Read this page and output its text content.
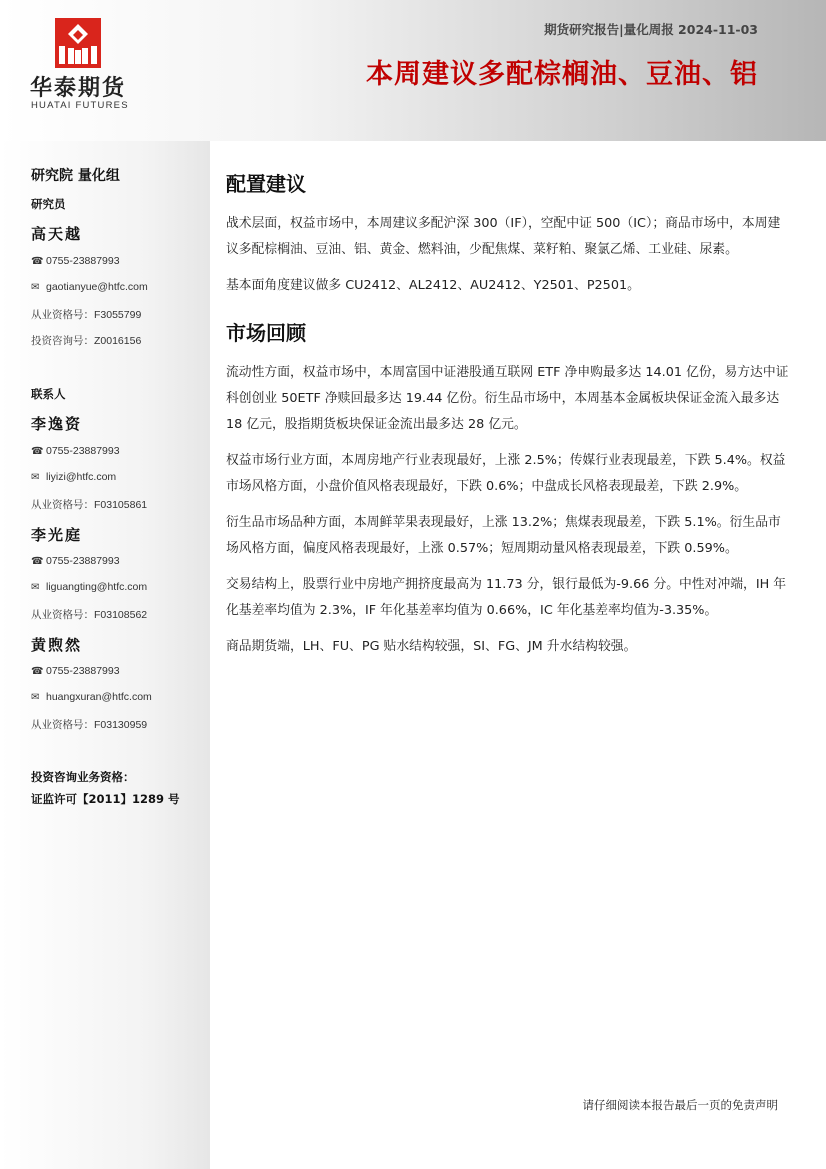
华泰期货
HUATAI FUTURES
期货研究报告|量化周报 2024-11-03
本周建议多配棕榈油、豆油、铝
研究院 量化组
研究员
高天越
☎ 0755-23887993
✉ gaotianyue@htfc.com
从业资格号：F3055799
投资咨询号：Z0016156
联系人
李逸资
☎ 0755-23887993
✉ liyizi@htfc.com
从业资格号：F03105861
李光庭
☎ 0755-23887993
✉ liguangting@htfc.com
从业资格号：F03108562
黄煦然
☎ 0755-23887993
✉ huangxuran@htfc.com
从业资格号：F03130959
投资咨询业务资格：
证监许可【2011】1289 号
配置建议

战术层面，权益市场中，本周建议多配沪深 300（IF），空配中证 500（IC）；商品市场中，本周建议多配棕榈油、豆油、铝、黄金、燃料油，少配焦煤、菜籽粕、聚氯乙烯、工业硅、尿素。

基本面角度建议做多 CU2412、AL2412、AU2412、Y2501、P2501。

市场回顾

流动性方面，权益市场中，本周富国中证港股通互联网 ETF 净申购最多达 14.01 亿份，易方达中证科创创业 50ETF 净赎回最多达 19.44 亿份。衍生品市场中，本周基本金属板块保证金流入最多达 18 亿元，股指期货板块保证金流出最多达 28 亿元。

权益市场行业方面，本周房地产行业表现最好，上涨 2.5%；传媒行业表现最差，下跌 5.4%。权益市场风格方面，小盘价值风格表现最好，下跌 0.6%；中盘成长风格表现最差，下跌 2.9%。

衍生品市场品种方面，本周鲜苹果表现最好，上涨 13.2%；焦煤表现最差，下跌 5.1%。衍生品市场风格方面，偏度风格表现最好，上涨 0.57%；短周期动量风格表现最差，下跌 0.59%。

交易结构上，股票行业中房地产拥挤度最高为 11.73 分，银行最低为-9.66 分。中性对冲端，IH 年化基差率均值为 2.3%，IF 年化基差率均值为 0.66%，IC 年化基差率均值为-3.35%。

商品期货端，LH、FU、PG 贴水结构较强，SI、FG、JM 升水结构较强。

请仔细阅读本报告最后一页的免责声明
